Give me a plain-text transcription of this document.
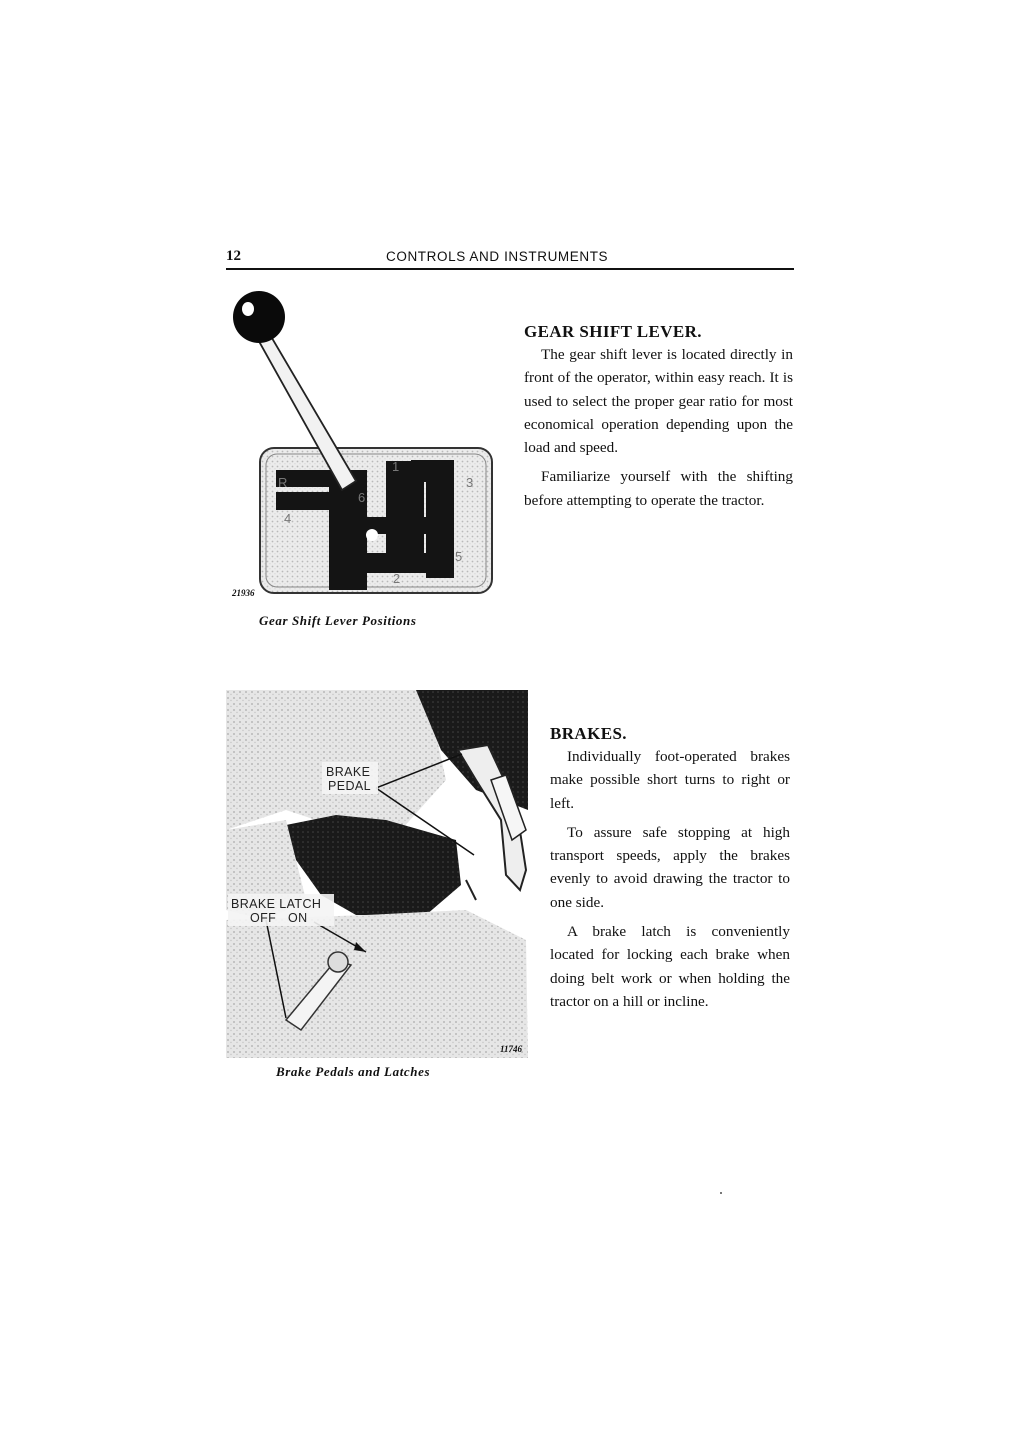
12	CONTROLS AND INSTRUMENTS
1
2
3
4
5
6
R
21936
Gear Shift Lever Positions
GEAR SHIFT LEVER.

The gear shift lever is located directly in front of the operator, within easy reach. It is used to select the proper gear ratio for most economical operation depending upon the load and speed.

Familiarize yourself with the shifting before attempting to operate the tractor.

BRAKE
PEDAL
BRAKE LATCH
OFF ON
11746
Brake Pedals and Latches
BRAKES.

Individually foot-operated brakes make possible short turns to right or left.

To assure safe stopping at high transport speeds, apply the brakes evenly to avoid drawing the tractor to one side.

A brake latch is conveniently located for locking each brake when doing belt work or when holding the tractor on a hill or incline.
